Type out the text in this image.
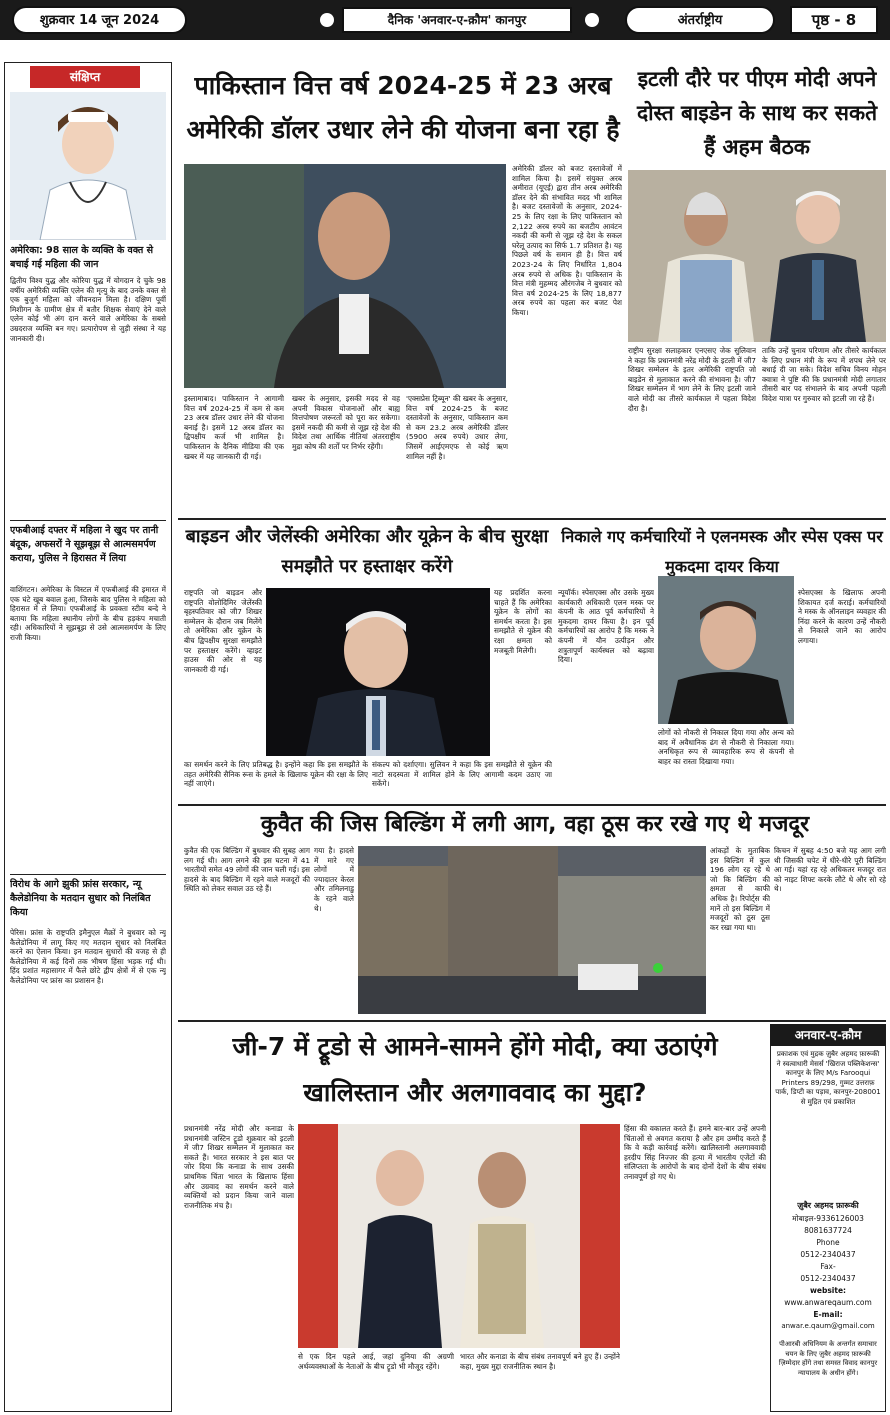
शुक्रवार 14 जून 2024	दैनिक 'अनवार-ए-क़ौम' कानपुर	अंतर्राष्ट्रीय	पृष्ठ - 8
संक्षिप्त
अमेरिका: 98 साल के व्यक्ति के वक्त से बचाई गई महिला की जान
द्वितीय विश्व युद्ध और कोरिया युद्ध में योगदान दे चुके 98 वर्षीय अमेरिकी व्यक्ति एलेन की मृत्यु के बाद उनके वक्त से एक बुजुर्ग महिला को जीवनदान मिला है। दक्षिण पूर्वी मिशीगन के ग्रामीण क्षेत्र में बतौर शिक्षक सेवाएं देने वाले एलेन कोई भी अंग दान करने वाले अमेरिका के सबसे उम्रदराज व्यक्ति बन गए। प्रत्यारोपण से जुड़ी संस्था ने यह जानकारी दी।
एफबीआई दफ्तर में महिला ने खुद पर तानी बंदूक, अफसरों ने सूझबूझ से आत्मसमर्पण कराया, पुलिस ने हिरासत में लिया
वाशिंगटन। अमेरिका के विस्टल में एफबीआई की इमारत में एक घंटे खूब बवाल हुआ, जिसके बाद पुलिस ने महिला को हिरासत में ले लिया। एफबीआई के प्रवक्ता स्टीव बन्दे ने बताया कि महिला स्थानीय लोगों के बीच हड़कंप मचाती रही। अधिकारियों ने सूझबूझ से उसे आत्मसमर्पण के लिए राजी किया।
विरोध के आगे झुकी फ्रांस सरकार, न्यू कैलेडोनिया के मतदान सुधार को निलंबित किया
पेरिस। फ्रांस के राष्ट्रपति इमैनुएल मैक्रों ने बुधवार को न्यू कैलेडोनिया में लागू किए गए मतदान सुधार को निलंबित करने का ऐलान किया। इन मतदान सुधारों की वजह से ही कैलेडोनिया में कई दिनों तक भीषण हिंसा भड़क गई थी। हिंद प्रशांत महासागर में फैले छोटे द्वीप क्षेत्रों में से एक न्यू कैलेडोनिया पर फ्रांस का प्रशासन है।
पाकिस्तान वित्त वर्ष 2024-25 में 23 अरब अमेरिकी डॉलर उधार लेने की योजना बना रहा है
इस्लामाबाद। पाकिस्तान ने आगामी वित्त वर्ष 2024-25 में कम से कम 23 अरब डॉलर उधार लेने की योजना बनाई है। इसमें 12 अरब डॉलर का द्विपक्षीय कर्ज भी शामिल है। पाकिस्तान के दैनिक मीडिया की एक खबर में यह जानकारी दी गई।
खबर के अनुसार, इसकी मदद से वह अपनी विकास योजनाओं और बाह्य वित्तपोषण जरूरतों को पूरा कर सकेगा। इसमें नकदी की कमी से जूझ रहे देश की विदेश तथा आर्थिक नीतियां अंतरराष्ट्रीय मुद्रा कोष की शर्तों पर निर्भर रहेंगी।
'एक्सप्रेस ट्रिब्यून' की खबर के अनुसार, वित्त वर्ष 2024-25 के बजट दस्तावेजों के अनुसार, पाकिस्तान कम से कम 23.2 अरब अमेरिकी डॉलर (5900 अरब रुपये) उधार लेगा, जिसमें आईएमएफ से कोई ऋण शामिल नहीं है।
अमेरिकी डॉलर को बजट दस्तावेजों में शामिल किया है। इसमें संयुक्त अरब अमीरात (यूएई) द्वारा तीन अरब अमेरिकी डॉलर देने की संभावित मदद भी शामिल है। बजट दस्तावेजों के अनुसार, 2024-25 के लिए रक्षा के लिए पाकिस्तान को 2,122 अरब रुपये का बजटीय आवंटन नकदी की कमी से जूझ रहे देश के सकल घरेलू उत्पाद का सिर्फ 1.7 प्रतिशत है। यह पिछले वर्ष के समान ही है। वित्त वर्ष 2023-24 के लिए निर्धारित 1,804 अरब रुपये से अधिक है। पाकिस्तान के वित्त मंत्री मुहम्मद औरंगजेब ने बुधवार को वित्त वर्ष 2024-25 के लिए 18,877 अरब रुपये का पहला कर बजट पेश किया।
इटली दौरे पर पीएम मोदी अपने दोस्त बाइडेन के साथ कर सकते हैं अहम बैठक
राष्ट्रीय सुरक्षा सलाहकार एनएसए जेक सुलिवान ने कहा कि प्रधानमंत्री नरेंद्र मोदी के इटली में जी7 शिखर सम्मेलन के इतर अमेरिकी राष्ट्रपति जो बाइडेन से मुलाकात करने की संभावना है। जी7 शिखर सम्मेलन में भाग लेने के लिए इटली जाने वाले मोदी का तीसरे कार्यकाल में पहला विदेश दौरा है।
ताकि उन्हें चुनाव परिणाम और तीसरे कार्यकाल के लिए प्रधान मंत्री के रूप में शपथ लेने पर बधाई दी जा सके। विदेश सचिव विनय मोहन क्वात्रा ने पुष्टि की कि प्रधानमंत्री मोदी लगातार तीसरी बार पद संभालने के बाद अपनी पहली विदेश यात्रा पर गुरुवार को इटली जा रहे हैं।
बाइडन और जेलेंस्की अमेरिका और यूक्रेन के बीच सुरक्षा समझौते पर हस्ताक्षर करेंगे
राष्ट्रपति जो बाइडन और राष्ट्रपति वोलोदिमिर जेलेंस्की बृहस्पतिवार को जी7 शिखर सम्मेलन के दौरान जब मिलेंगे तो अमेरिका और यूक्रेन के बीच द्विपक्षीय सुरक्षा समझौते पर हस्ताक्षर करेंगे। व्हाइट हाउस की ओर से यह जानकारी दी गई।
यह प्रदर्शित करना चाहते हैं कि अमेरिका यूक्रेन के लोगों का समर्थन करता है। इस समझौते से यूक्रेन की रक्षा क्षमता को मजबूती मिलेगी।
का समर्थन करने के लिए प्रतिबद्ध है। इन्होंने कहा कि इस समझौते के तहत अमेरिकी सैनिक रूस के हमले के खिलाफ यूक्रेन की रक्षा के लिए नहीं जाएंगे।
संकल्प को दर्शाएगा। सुलिवन ने कहा कि इस समझौते से यूक्रेन की नाटो सदस्यता में शामिल होने के लिए आगामी कदम उठाए जा सकेंगे।
निकाले गए कर्मचारियों ने एलनमस्क और स्पेस एक्स पर मुकदमा दायर किया
न्यूयॉर्क। स्पेसएक्स और उसके मुख्य कार्यकारी अधिकारी एलन मस्क पर कंपनी के आठ पूर्व कर्मचारियों ने मुकदमा दायर किया है। इन पूर्व कर्मचारियों का आरोप है कि मस्क ने कंपनी में यौन उत्पीड़न और शत्रुतापूर्ण कार्यस्थल को बढ़ावा दिया।
स्पेसएक्स के खिलाफ अपनी शिकायत दर्ज कराई। कर्मचारियों ने मस्क के ऑनलाइन व्यवहार की निंदा करने के कारण उन्हें नौकरी से निकाले जाने का आरोप लगाया।
लोगों को नौकरी से निकाल दिया गया और अन्य को बाद में अवैधानिक ढंग से नौकरी से निकाला गया। अनधिकृत रूप से व्यावहारिक रूप से कंपनी से बाहर का रास्ता दिखाया गया।
कुवैत की जिस बिल्डिंग में लगी आग, वहा ठूस कर रखे गए थे मजदूर
कुवैत की एक बिल्डिंग में बुधवार की सुबह आग लग गई थी। आग लगने की इस घटना में 41 भारतीयों समेत 49 लोगों की जान चली गई। इस हादसे के बाद बिल्डिंग में रहने वाले मजदूरों की स्थिति को लेकर सवाल उठ रहे हैं।
गया है। हादसे में मारे गए लोगों में ज्यादातर केरल और तमिलनाडु के रहने वाले थे।
आंकड़ों के मुताबिक इस बिल्डिंग में कुल 196 लोग रह रहे थे जो कि बिल्डिंग की क्षमता से काफी अधिक है। रिपोर्ट्स की मानें तो इस बिल्डिंग में मजदूरों को ठूस ठूस कर रखा गया था।
किचन में सुबह 4:50 बजे यह आग लगी थी जिसकी चपेट में धीरे-धीरे पूरी बिल्डिंग आ गई। यहां रह रहे अधिकतर मजदूर रात को नाइट शिफ्ट करके लौटे थे और सो रहे थे।
जी-7 में ट्रूडो से आमने-सामने होंगे मोदी, क्या उठाएंगे खालिस्तान और अलगाववाद का मुद्दा?
प्रधानमंत्री नरेंद्र मोदी और कनाडा के प्रधानमंत्री जस्टिन ट्रूडो शुक्रवार को इटली में जी7 शिखर सम्मेलन में मुलाकात कर सकते हैं। भारत सरकार ने इस बात पर जोर दिया कि कनाडा के साथ उसकी प्राथमिक चिंता भारत के खिलाफ हिंसा और उग्रवाद का समर्थन करने वाले व्यक्तियों को प्रदान किया जाने वाला राजनीतिक मंच है।
हिंसा की वकालत करते हैं। हमने बार-बार उन्हें अपनी चिंताओं से अवगत कराया है और हम उम्मीद करते हैं कि वे कड़ी कार्रवाई करेंगे। खालिस्तानी अलगाववादी हरदीप सिंह निज्जर की हत्या में भारतीय एजेंटों की संलिप्तता के आरोपों के बाद दोनों देशों के बीच संबंध तनावपूर्ण हो गए थे।
से एक दिन पहले आई, जहां दुनिया की अग्रणी अर्थव्यवस्थाओं के नेताओं के बीच ट्रूडो भी मौजूद रहेंगे।
भारत और कनाडा के बीच संबंध तनावपूर्ण बने हुए हैं। उन्होंने कहा, मुख्य मुद्दा राजनीतिक स्थान है।
अनवार-ए-क़ौम
प्रकाशक एवं मुद्रक ज़ुबैर अहमद फ़ारूकी ने स्वत्वाधारी मेसर्स 'खिराज पब्लिकेशन्स' कानपुर के लिए M/s Farooqui Printers 89/298, गुम्मट उत्तराफ़ पार्क, डिप्टी का पड़ाव, कानपुर-208001 से मुद्रित एवं प्रकाशित
ज़ुबैर अहमद फ़ारूकी
मोबाइल-9336126003
8081637724
Phone
0512-2340437
Fax-
0512-2340437
website:
www.anwareqaum.com
E-mail:
anwar.e.qaum@gmail.com
पीआरबी अधिनियम के अन्तर्गत समाचार चयन के लिए ज़ुबैर अहमद फ़ारूकी ज़िम्मेदार होंगे तथा समस्त विवाद कानपुर न्यायालय के अधीन होंगे।
